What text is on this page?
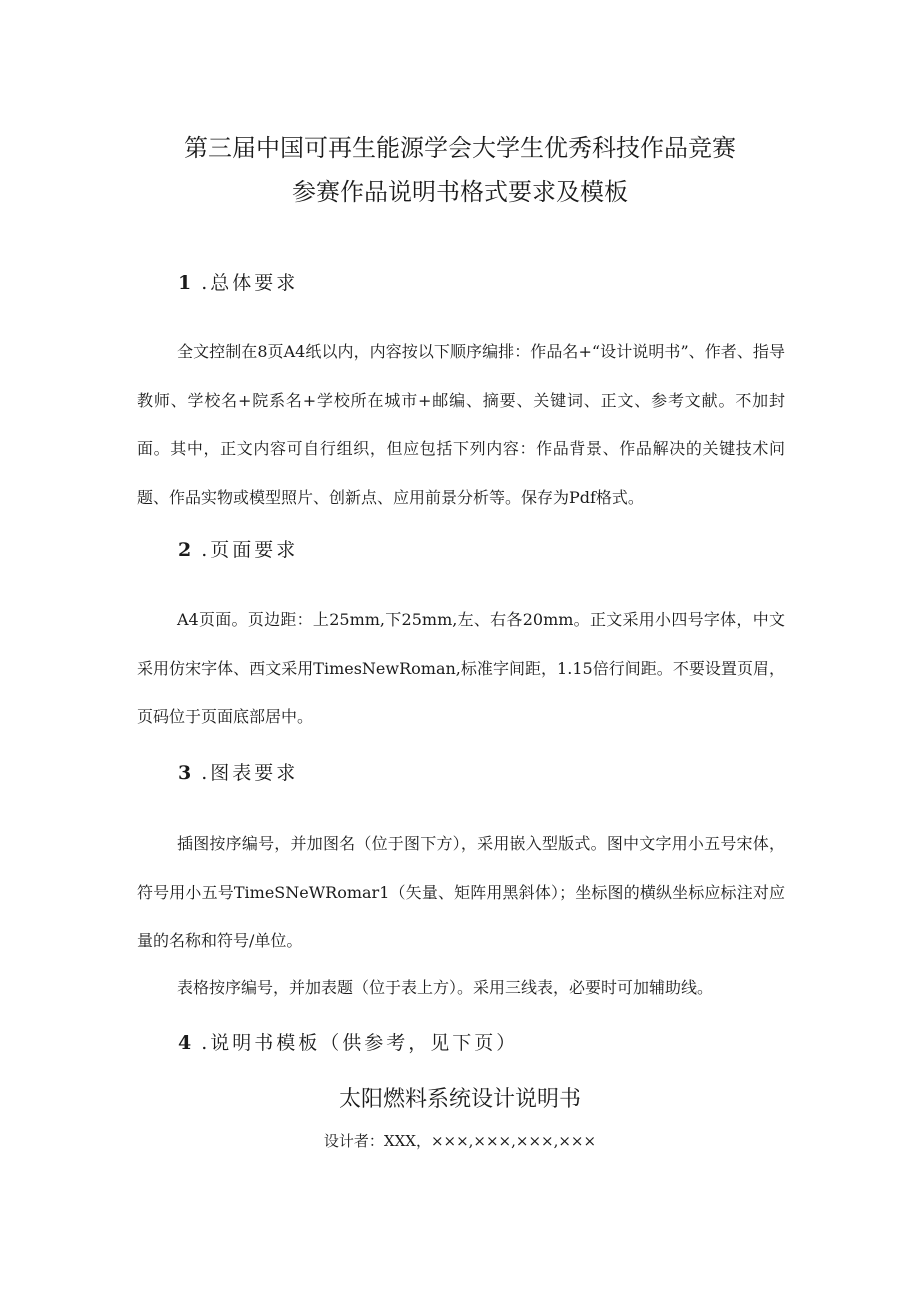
第三届中国可再生能源学会大学生优秀科技作品竞赛
参赛作品说明书格式要求及模板
1 .总体要求
全文控制在8页A4纸以内，内容按以下顺序编排：作品名+“设计说明书”、作者、指导教师、学校名+院系名+学校所在城市+邮编、摘要、关键词、正文、参考文献。不加封面。其中，正文内容可自行组织，但应包括下列内容：作品背景、作品解决的关键技术问题、作品实物或模型照片、创新点、应用前景分析等。保存为Pdf格式。
2 .页面要求
A4页面。页边距：上25mm,下25mm,左、右各20mm。正文采用小四号字体，中文采用仿宋字体、西文采用TimesNewRoman,标准字间距，1.15倍行间距。不要设置页眉，页码位于页面底部居中。
3 .图表要求
插图按序编号，并加图名（位于图下方），采用嵌入型版式。图中文字用小五号宋体，符号用小五号TimeSNeWRomar1（矢量、矩阵用黑斜体）；坐标图的横纵坐标应标注对应量的名称和符号/单位。
表格按序编号，并加表题（位于表上方）。采用三线表，必要时可加辅助线。
4 .说明书模板（供参考，见下页）
太阳燃料系统设计说明书
设计者：XXX，×××,×××,×××,×××
